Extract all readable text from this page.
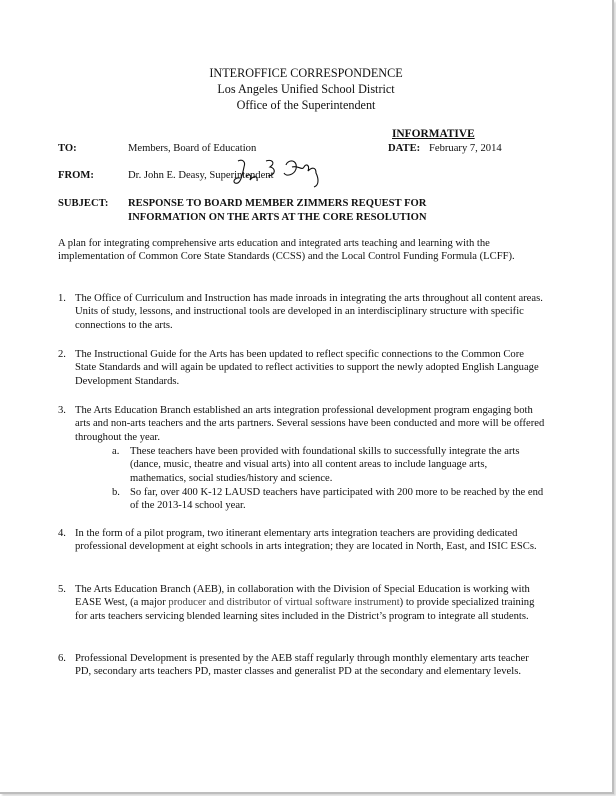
INTEROFFICE CORRESPONDENCE
Los Angeles Unified School District
Office of the Superintendent
INFORMATIVE
TO:	Members, Board of Education	DATE: February 7, 2014
FROM:	Dr. John E. Deasy, Superintendent
SUBJECT: RESPONSE TO BOARD MEMBER ZIMMERS REQUEST FOR
INFORMATION ON THE ARTS AT THE CORE RESOLUTION
A plan for integrating comprehensive arts education and integrated arts teaching and learning with the implementation of Common Core State Standards (CCSS) and the Local Control Funding Formula (LCFF).
1. The Office of Curriculum and Instruction has made inroads in integrating the arts throughout all content areas. Units of study, lessons, and instructional tools are developed in an interdisciplinary structure with specific connections to the arts.
2. The Instructional Guide for the Arts has been updated to reflect specific connections to the Common Core State Standards and will again be updated to reflect activities to support the newly adopted English Language Development Standards.
3. The Arts Education Branch established an arts integration professional development program engaging both arts and non-arts teachers and the arts partners. Several sessions have been conducted and more will be offered throughout the year.
a. These teachers have been provided with foundational skills to successfully integrate the arts (dance, music, theatre and visual arts) into all content areas to include language arts, mathematics, social studies/history and science.
b. So far, over 400 K-12 LAUSD teachers have participated with 200 more to be reached by the end of the 2013-14 school year.
4. In the form of a pilot program, two itinerant elementary arts integration teachers are providing dedicated professional development at eight schools in arts integration; they are located in North, East, and ISIC ESCs.
5. The Arts Education Branch (AEB), in collaboration with the Division of Special Education is working with EASE West, (a major producer and distributor of virtual software instrument) to provide specialized training for arts teachers servicing blended learning sites included in the District’s program to integrate all students.
6. Professional Development is presented by the AEB staff regularly through monthly elementary arts teacher PD, secondary arts teachers PD, master classes and generalist PD at the secondary and elementary levels.
